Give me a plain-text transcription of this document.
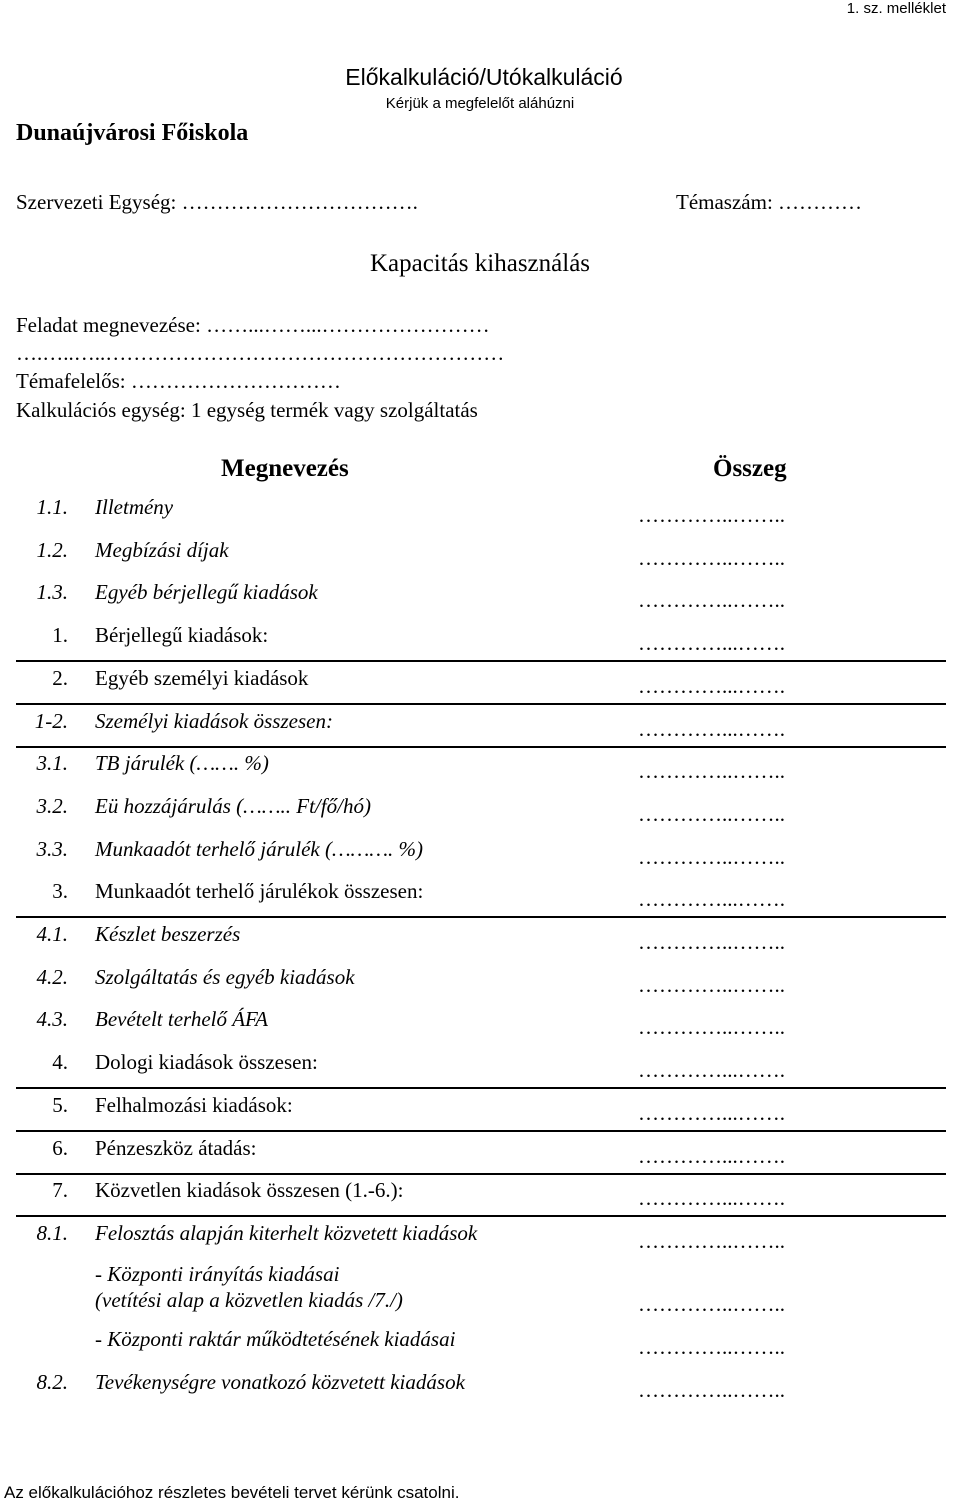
1. sz. melléklet
Előkalkuláció/Utókalkuláció
Kérjük a megfelelőt aláhúzni
Dunaújvárosi Főiskola
Szervezeti Egység: …………………………….	Témaszám: …………
Kapacitás kihasználás
Feladat megnevezése: ……...……...……………………
….…..…..…………………………………………………
Témafelelős: …………………………
Kalkulációs egység: 1 egység termék vagy szolgáltatás
Megnevezés	Összeg
1.1. Illetmény	…………..……..
1.2. Megbízási díjak	…………..……..
1.3. Egyéb bérjellegű kiadások	…………..……..
1. Bérjellegű kiadások:	…………...…….
2. Egyéb személyi kiadások	…………...…….
1-2. Személyi kiadások összesen:	…………...…….
3.1. TB járulék (……. %)	…………..……..
3.2. Eü hozzájárulás (…….. Ft/fő/hó)	…………..……..
3.3. Munkaadót terhelő járulék (………. %)	…………..……..
3. Munkaadót terhelő járulékok összesen:	…………...…….
4.1. Készlet beszerzés	…………..……..
4.2. Szolgáltatás és egyéb kiadások	…………..……..
4.3. Bevételt terhelő ÁFA	…………..……..
4. Dologi kiadások összesen:	…………...…….
5. Felhalmozási kiadások:	…………...…….
6. Pénzeszköz átadás:	…………...…….
7. Közvetlen kiadások összesen (1.-6.):	…………...…….
8.1. Felosztás alapján kiterhelt közvetett kiadások	…………..……..
- Központi irányítás kiadásai
(vetítési alap a közvetlen kiadás /7./)	…………..……..
- Központi raktár működtetésének kiadásai	…………..……..
8.2. Tevékenységre vonatkozó közvetett kiadások	…………..……..
Az előkalkulációhoz részletes bevételi tervet kérünk csatolni.
